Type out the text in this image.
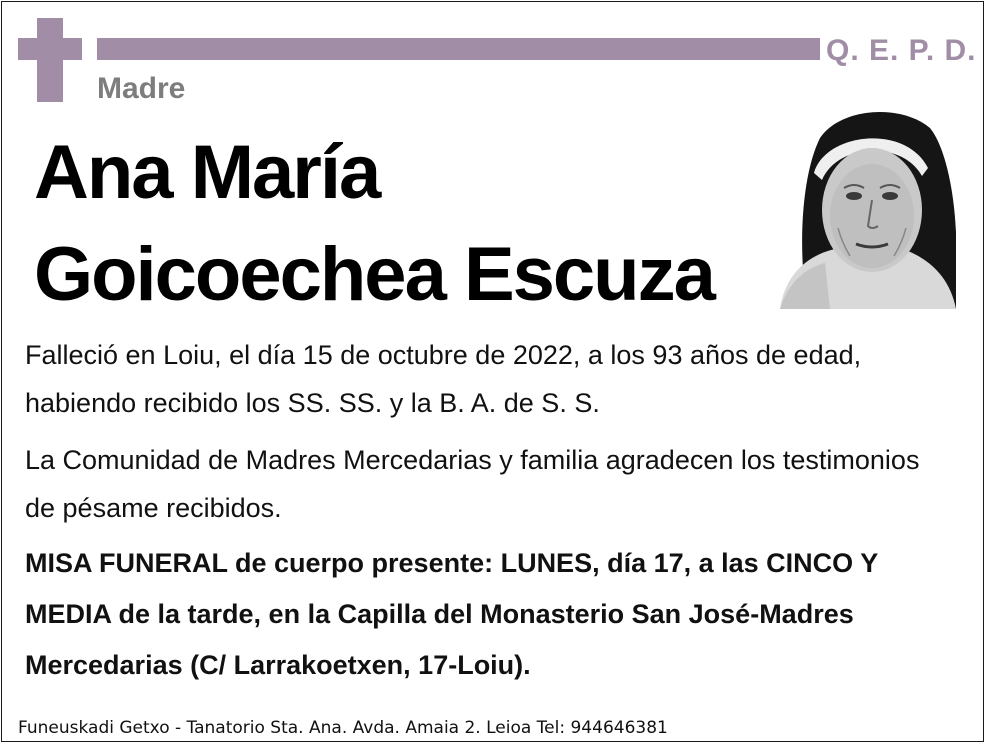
Q. E. P. D.
Madre
Ana María
Goicoechea Escuza
Falleció en Loiu, el día 15 de octubre de 2022, a los 93 años de edad,
habiendo recibido los SS. SS. y la B. A. de S. S.
La Comunidad de Madres Mercedarias y familia agradecen los testimonios
de pésame recibidos.
MISA FUNERAL de cuerpo presente: LUNES, día 17, a las CINCO Y
MEDIA de la tarde, en la Capilla del Monasterio San José-Madres
Mercedarias (C/ Larrakoetxen, 17-Loiu).
Funeuskadi Getxo - Tanatorio Sta. Ana. Avda. Amaia 2. Leioa Tel: 944646381
